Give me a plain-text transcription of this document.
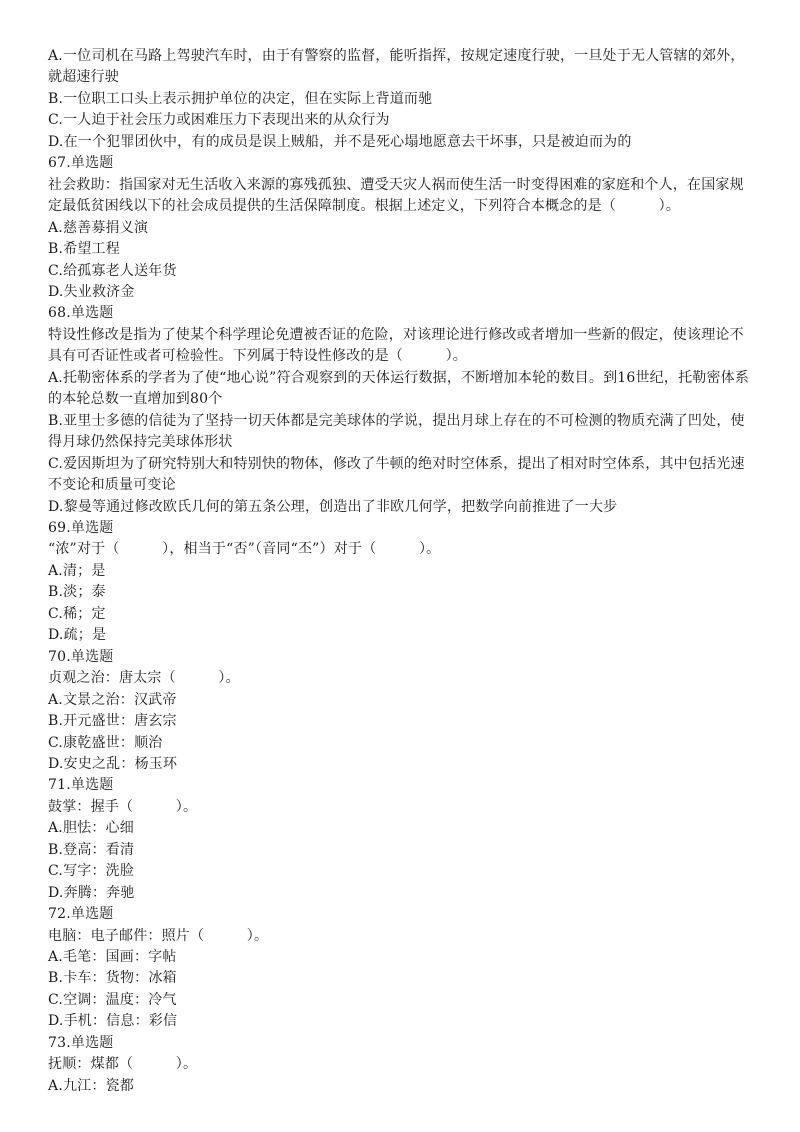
A.一位司机在马路上驾驶汽车时，由于有警察的监督，能听指挥，按规定速度行驶，一旦处于无人管辖的郊外，就超速行驶
B.一位职工口头上表示拥护单位的决定，但在实际上背道而驰
C.一人迫于社会压力或困难压力下表现出来的从众行为
D.在一个犯罪团伙中，有的成员是误上贼船，并不是死心塌地愿意去干坏事，只是被迫而为的
67.单选题
社会救助：指国家对无生活收入来源的寡残孤独、遭受天灾人祸而使生活一时变得困难的家庭和个人，在国家规定最低贫困线以下的社会成员提供的生活保障制度。根据上述定义，下列符合本概念的是（　　　）。
A.慈善募捐义演
B.希望工程
C.给孤寡老人送年货
D.失业救济金
68.单选题
特设性修改是指为了使某个科学理论免遭被否证的危险，对该理论进行修改或者增加一些新的假定，使该理论不具有可否证性或者可检验性。下列属于特设性修改的是（　　　）。
A.托勒密体系的学者为了使“地心说”符合观察到的天体运行数据，不断增加本轮的数目。到16世纪，托勒密体系的本轮总数一直增加到80个
B.亚里士多德的信徒为了坚持一切天体都是完美球体的学说，提出月球上存在的不可检测的物质充满了凹处，使得月球仍然保持完美球体形状
C.爱因斯坦为了研究特别大和特别快的物体，修改了牛顿的绝对时空体系，提出了相对时空体系，其中包括光速不变论和质量可变论
D.黎曼等通过修改欧氏几何的第五条公理，创造出了非欧几何学，把数学向前推进了一大步
69.单选题
“浓”对于（　　　），相当于“否”（音同“丕”）对于（　　　）。
A.清；是
B.淡；泰
C.稀；定
D.疏；是
70.单选题
贞观之治：唐太宗（　　　）。
A.文景之治：汉武帝
B.开元盛世：唐玄宗
C.康乾盛世：顺治
D.安史之乱：杨玉环
71.单选题
鼓掌：握手（　　　）。
A.胆怯：心细
B.登高：看清
C.写字：洗脸
D.奔腾：奔驰
72.单选题
电脑：电子邮件：照片（　　　）。
A.毛笔：国画：字帖
B.卡车：货物：冰箱
C.空调：温度：冷气
D.手机：信息：彩信
73.单选题
抚顺：煤都（　　　）。
A.九江：瓷都
